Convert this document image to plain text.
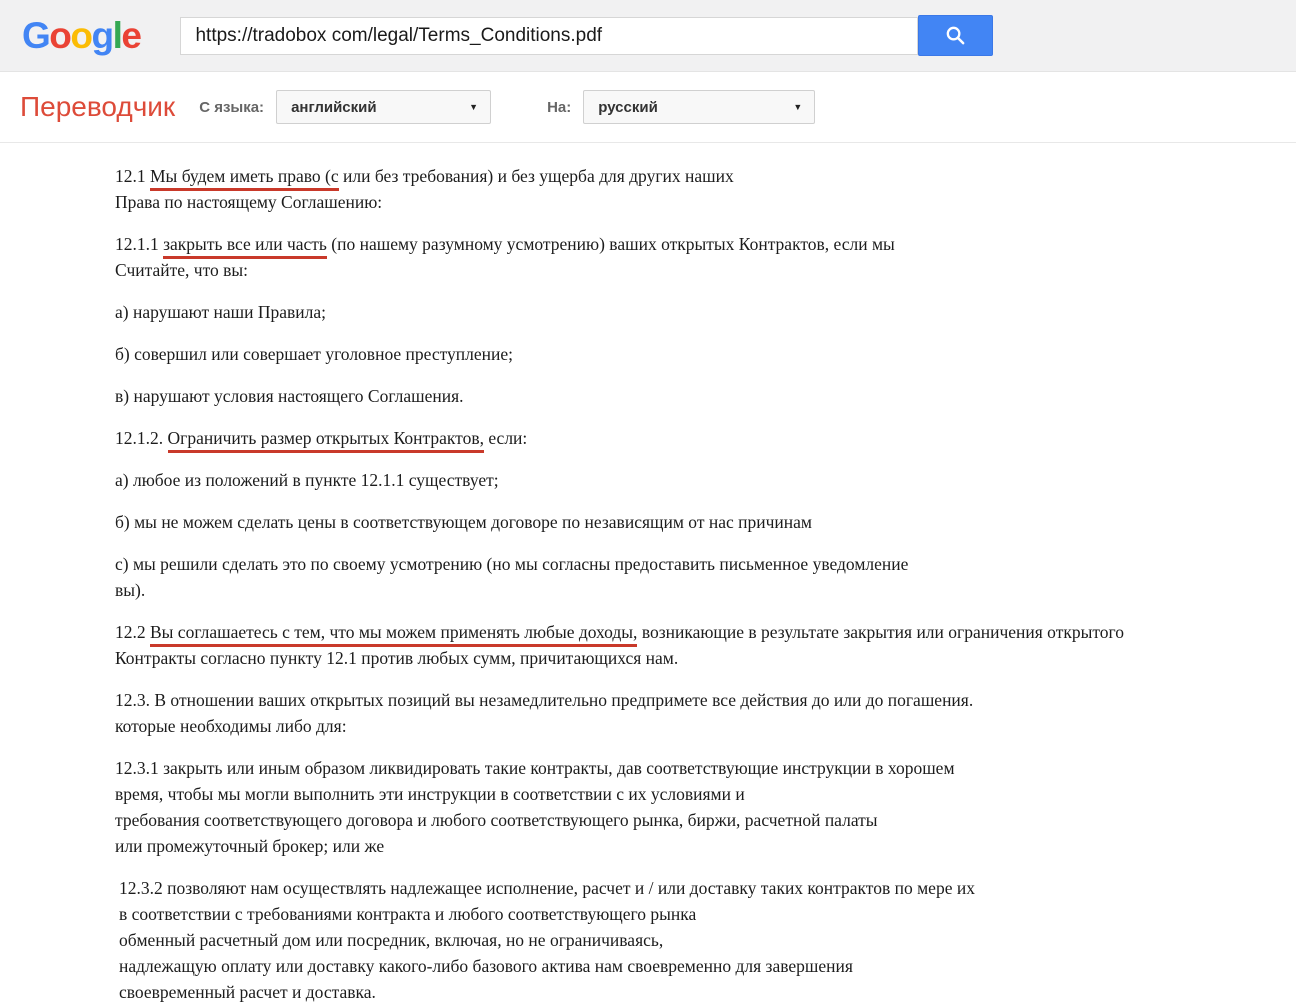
Google
https://tradobox com/legal/Terms_Conditions.pdf
Переводчик С языка: английский	▼	На: русский	▼

12.1 Мы будем иметь право (с или без требования) и без ущерба для других наших
Права по настоящему Соглашению:

12.1.1 закрыть все или часть (по нашему разумному усмотрению) ваших открытых Контрактов, если мы
Считайте, что вы:

а) нарушают наши Правила;

б) совершил или совершает уголовное преступление;

в) нарушают условия настоящего Соглашения.

12.1.2. Ограничить размер открытых Контрактов, если:

а) любое из положений в пункте 12.1.1 существует;

б) мы не можем сделать цены в соответствующем договоре по независящим от нас причинам

с) мы решили сделать это по своему усмотрению (но мы согласны предоставить письменное уведомление
вы).

12.2 Вы соглашаетесь с тем, что мы можем применять любые доходы, возникающие в результате закрытия или ограничения открытого
Контракты согласно пункту 12.1 против любых сумм, причитающихся нам.

12.3. В отношении ваших открытых позиций вы незамедлительно предпримете все действия до или до погашения.
которые необходимы либо для:

12.3.1 закрыть или иным образом ликвидировать такие контракты, дав соответствующие инструкции в хорошем
время, чтобы мы могли выполнить эти инструкции в соответствии с их условиями и
требования соответствующего договора и любого соответствующего рынка, биржи, расчетной палаты
или промежуточный брокер; или же

12.3.2 позволяют нам осуществлять надлежащее исполнение, расчет и / или доставку таких контрактов по мере их
в соответствии с требованиями контракта и любого соответствующего рынка
обменный расчетный дом или посредник, включая, но не ограничиваясь,
надлежащую оплату или доставку какого-либо базового актива нам своевременно для завершения
своевременный расчет и доставка.
